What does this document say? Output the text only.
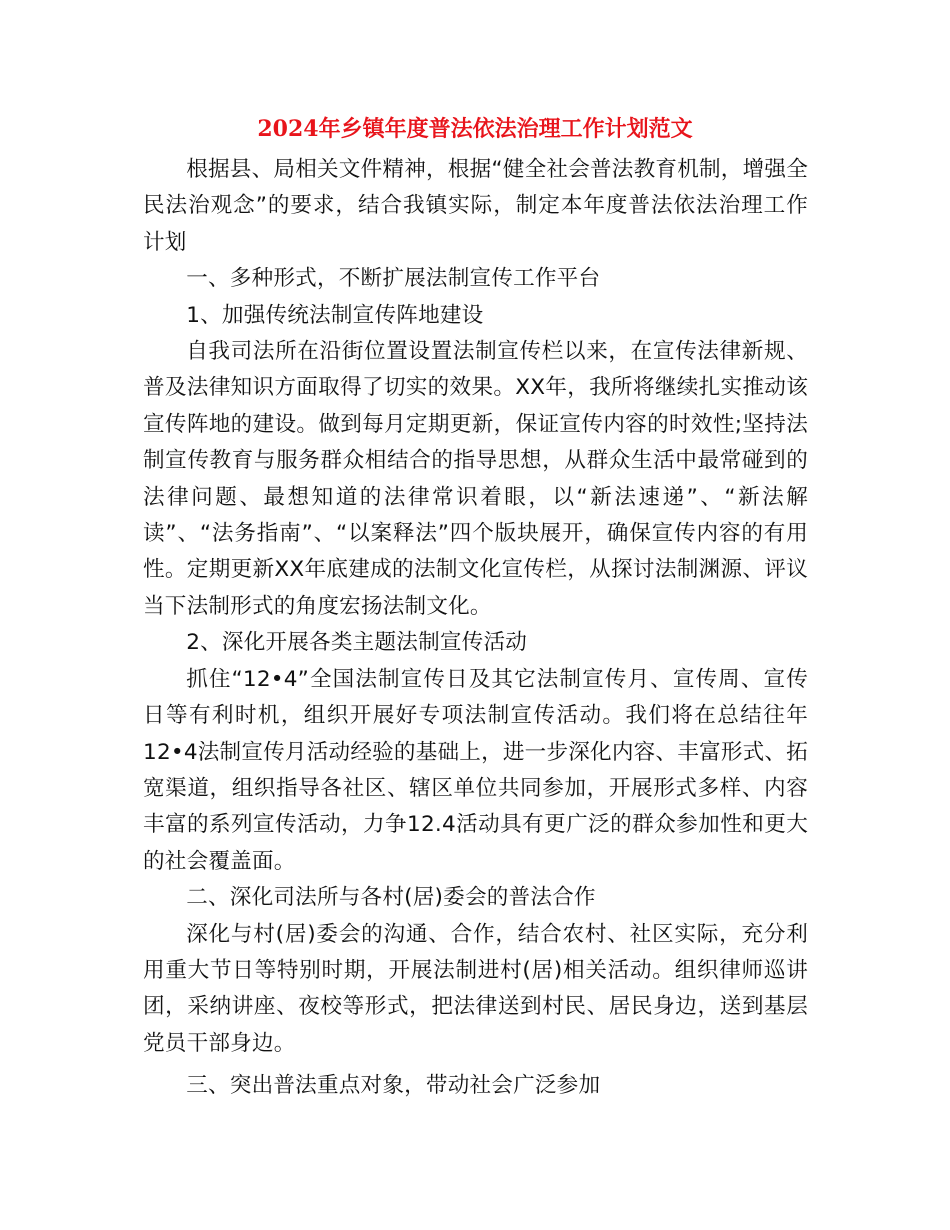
2024年乡镇年度普法依法治理工作计划范文

根据县、局相关文件精神，根据“健全社会普法教育机制，增强全民法治观念”的要求，结合我镇实际，制定本年度普法依法治理工作计划

一、多种形式，不断扩展法制宣传工作平台

1、加强传统法制宣传阵地建设

自我司法所在沿街位置设置法制宣传栏以来，在宣传法律新规、普及法律知识方面取得了切实的效果。XX年，我所将继续扎实推动该宣传阵地的建设。做到每月定期更新，保证宣传内容的时效性;坚持法制宣传教育与服务群众相结合的指导思想，从群众生活中最常碰到的法律问题、最想知道的法律常识着眼，以“新法速递”、“新法解读”、“法务指南”、“以案释法”四个版块展开，确保宣传内容的有用性。定期更新XX年底建成的法制文化宣传栏，从探讨法制渊源、评议当下法制形式的角度宏扬法制文化。

2、深化开展各类主题法制宣传活动

抓住“12•4”全国法制宣传日及其它法制宣传月、宣传周、宣传日等有利时机，组织开展好专项法制宣传活动。我们将在总结往年12•4法制宣传月活动经验的基础上，进一步深化内容、丰富形式、拓宽渠道，组织指导各社区、辖区单位共同参加，开展形式多样、内容丰富的系列宣传活动，力争12.4活动具有更广泛的群众参加性和更大的社会覆盖面。

二、深化司法所与各村(居)委会的普法合作

深化与村(居)委会的沟通、合作，结合农村、社区实际，充分利用重大节日等特别时期，开展法制进村(居)相关活动。组织律师巡讲团，采纳讲座、夜校等形式，把法律送到村民、居民身边，送到基层党员干部身边。

三、突出普法重点对象，带动社会广泛参加
